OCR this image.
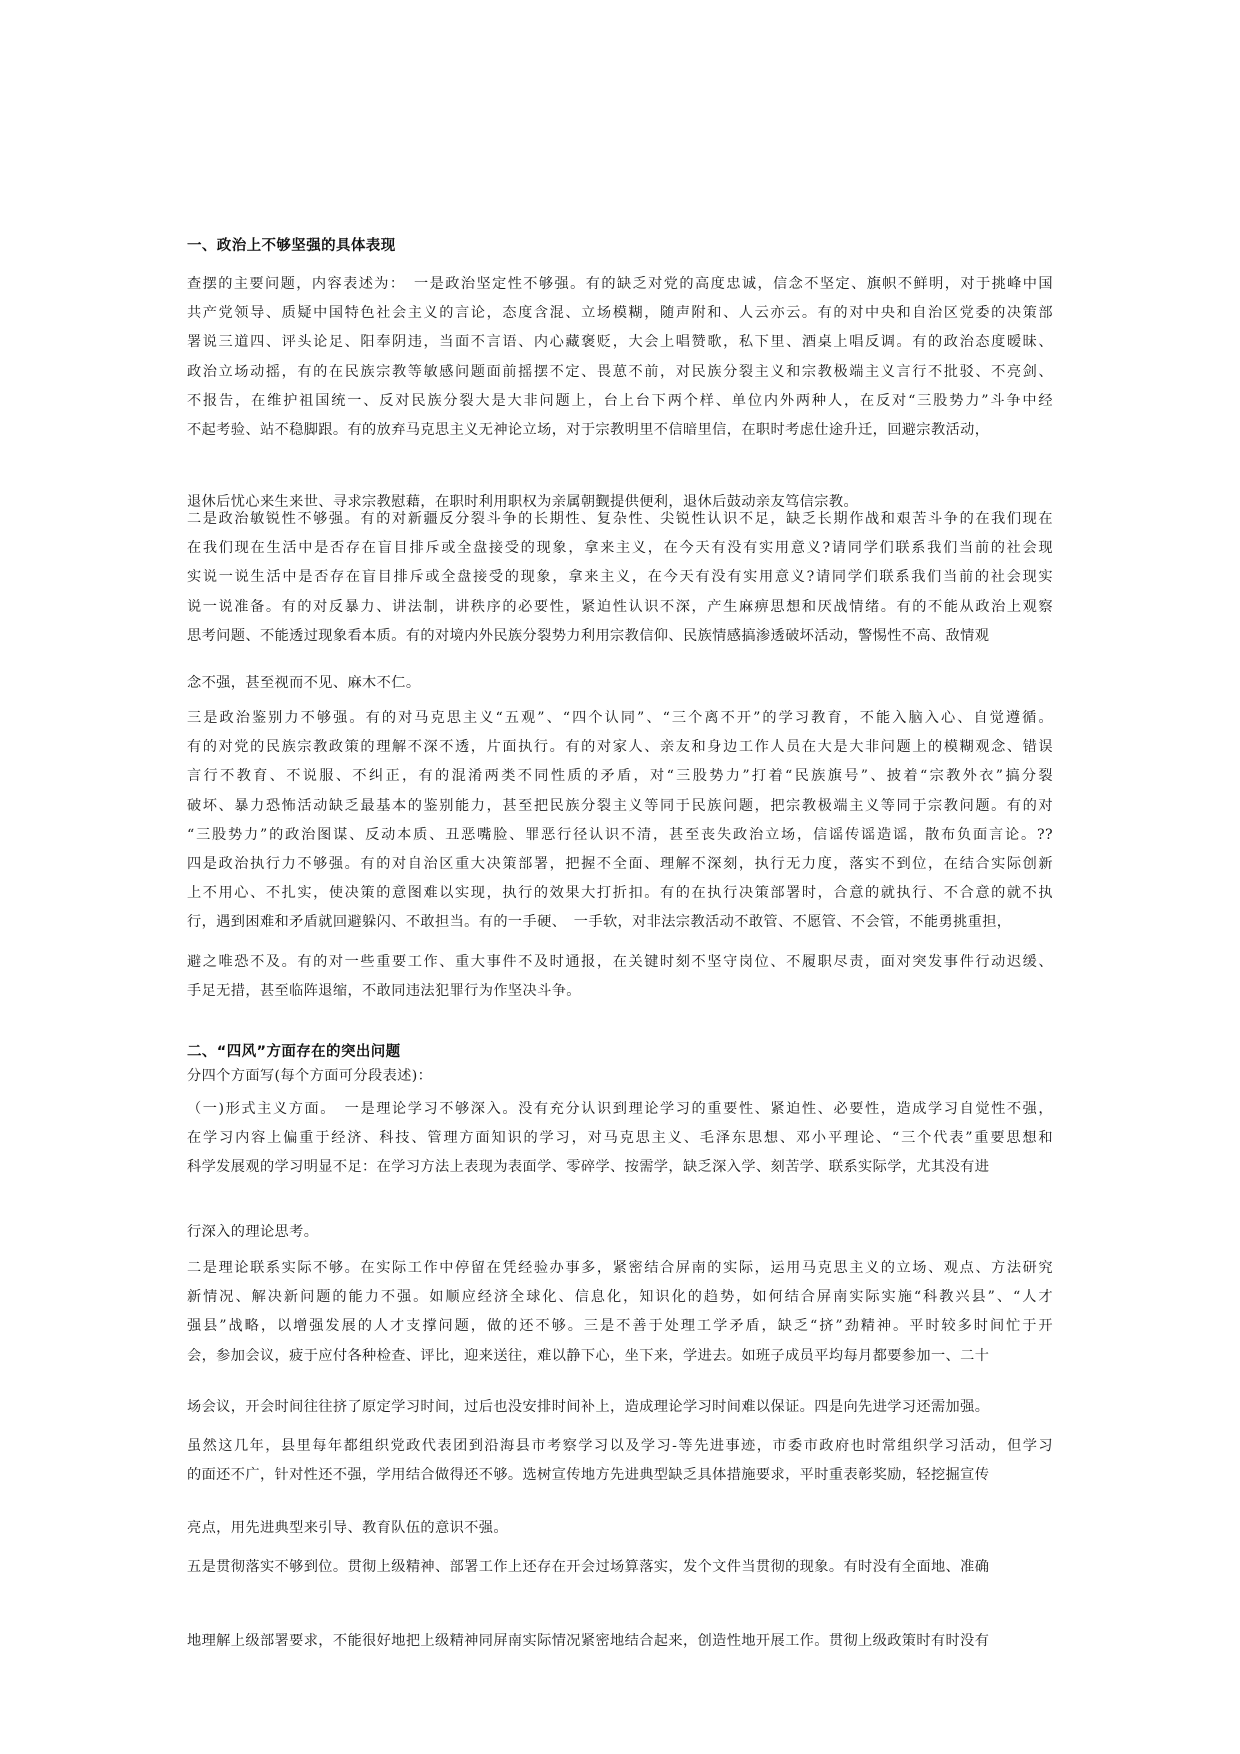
一、政治上不够坚强的具体表现
查摆的主要问题，内容表述为：　一是政治坚定性不够强。有的缺乏对党的高度忠诚，信念不坚定、旗帜不鲜明，对于挑峰中国
共产党领导、质疑中国特色社会主义的言论，态度含混、立场模糊，随声附和、人云亦云。有的对中央和自治区党委的决策部
署说三道四、评头论足、阳奉阴违，当面不言语、内心藏褒贬，大会上唱赞歌，私下里、酒桌上唱反调。有的政治态度暧昧、
政治立场动摇，有的在民族宗教等敏感问题面前摇摆不定、畏葸不前，对民族分裂主义和宗教极端主义言行不批驳、不亮剑、
不报告，在维护祖国统一、反对民族分裂大是大非问题上，台上台下两个样、单位内外两种人，在反对“三股势力”斗争中经
不起考验、站不稳脚跟。有的放弃马克思主义无神论立场，对于宗教明里不信暗里信，在职时考虑仕途升迁，回避宗教活动，
退休后忧心来生来世、寻求宗教慰藉，在职时利用职权为亲属朝觐提供便利，退休后鼓动亲友笃信宗教。
二是政治敏锐性不够强。有的对新疆反分裂斗争的长期性、复杂性、尖锐性认识不足，缺乏长期作战和艰苦斗争的在我们现在
在我们现在生活中是否存在盲目排斥或全盘接受的现象，拿来主义，在今天有没有实用意义?请同学们联系我们当前的社会现
实说一说生活中是否存在盲目排斥或全盘接受的现象，拿来主义，在今天有没有实用意义?请同学们联系我们当前的社会现实
说一说准备。有的对反暴力、讲法制，讲秩序的必要性，紧迫性认识不深，产生麻痹思想和厌战情绪。有的不能从政治上观察
思考问题、不能透过现象看本质。有的对境内外民族分裂势力利用宗教信仰、民族情感搞渗透破坏活动，警惕性不高、敌情观
念不强，甚至视而不见、麻木不仁。
三是政治鉴别力不够强。有的对马克思主义“五观”、“四个认同”、“三个离不开”的学习教育，不能入脑入心、自觉遵循。
有的对党的民族宗教政策的理解不深不透，片面执行。有的对家人、亲友和身边工作人员在大是大非问题上的模糊观念、错误
言行不教育、不说服、不纠正，有的混淆两类不同性质的矛盾，对“三股势力”打着“民族旗号”、披着“宗教外衣”搞分裂
破坏、暴力恐怖活动缺乏最基本的鉴别能力，甚至把民族分裂主义等同于民族问题，把宗教极端主义等同于宗教问题。有的对
“三股势力”的政治图谋、反动本质、丑恶嘴脸、罪恶行径认识不清，甚至丧失政治立场，信谣传谣造谣，散布负面言论。??
四是政治执行力不够强。有的对自治区重大决策部署，把握不全面、理解不深刻，执行无力度，落实不到位，在结合实际创新
上不用心、不扎实，使决策的意图难以实现，执行的效果大打折扣。有的在执行决策部署时，合意的就执行、不合意的就不执
行，遇到困难和矛盾就回避躲闪、不敢担当。有的一手硬、　一手软，对非法宗教活动不敢管、不愿管、不会管，不能勇挑重担，
避之唯恐不及。有的对一些重要工作、重大事件不及时通报，在关键时刻不坚守岗位、不履职尽责，面对突发事件行动迟缓、
手足无措，甚至临阵退缩，不敢同违法犯罪行为作坚决斗争。
二、“四风”方面存在的突出问题
分四个方面写(每个方面可分段表述)：
（一)形式主义方面。　一是理论学习不够深入。没有充分认识到理论学习的重要性、紧迫性、必要性，造成学习自觉性不强，
在学习内容上偏重于经济、科技、管理方面知识的学习，对马克思主义、毛泽东思想、邓小平理论、“三个代表”重要思想和
科学发展观的学习明显不足：在学习方法上表现为表面学、零碎学、按需学，缺乏深入学、刻苦学、联系实际学，尤其没有进
行深入的理论思考。
二是理论联系实际不够。在实际工作中停留在凭经验办事多，紧密结合屏南的实际，运用马克思主义的立场、观点、方法研究
新情况、解决新问题的能力不强。如顺应经济全球化、信息化，知识化的趋势，如何结合屏南实际实施“科教兴县”、“人才
强县”战略，以增强发展的人才支撑问题，做的还不够。三是不善于处理工学矛盾，缺乏“挤”劲精神。平时较多时间忙于开
会，参加会议，疲于应付各种检查、评比，迎来送往，难以静下心，坐下来，学进去。如班子成员平均每月都要参加一、二十
场会议，开会时间往往挤了原定学习时间，过后也没安排时间补上，造成理论学习时间难以保证。四是向先进学习还需加强。
虽然这几年，县里每年都组织党政代表团到沿海县市考察学习以及学习-等先进事迹，市委市政府也时常组织学习活动，但学习
的面还不广，针对性还不强，学用结合做得还不够。选树宣传地方先进典型缺乏具体措施要求，平时重表彰奖励，轻挖掘宣传
亮点，用先进典型来引导、教育队伍的意识不强。
五是贯彻落实不够到位。贯彻上级精神、部署工作上还存在开会过场算落实，发个文件当贯彻的现象。有时没有全面地、准确
地理解上级部署要求，不能很好地把上级精神同屏南实际情况紧密地结合起来，创造性地开展工作。贯彻上级政策时有时没有
